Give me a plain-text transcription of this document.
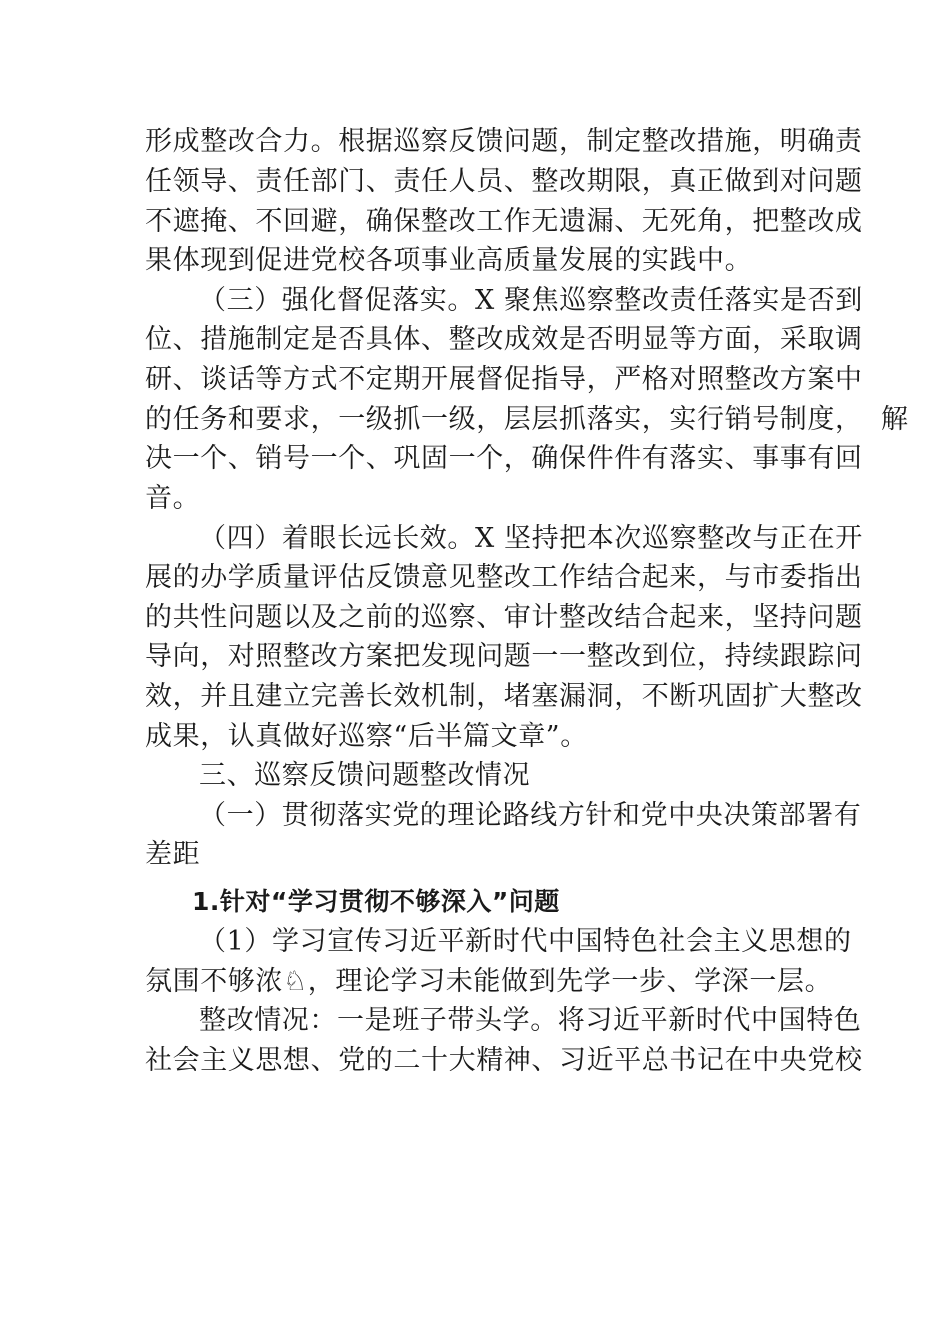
形成整改合力。根据巡察反馈问题，制定整改措施，明确责
任领导、责任部门、责任人员、整改期限，真正做到对问题
不遮掩、不回避，确保整改工作无遗漏、无死角，把整改成
果体现到促进党校各项事业高质量发展的实践中。
（三）强化督促落实。X 聚焦巡察整改责任落实是否到
位、措施制定是否具体、整改成效是否明显等方面，采取调
研、谈话等方式不定期开展督促指导，严格对照整改方案中
的任务和要求，一级抓一级，层层抓落实，实行销号制度，  解
决一个、销号一个、巩固一个，确保件件有落实、事事有回
音。
（四）着眼长远长效。X 坚持把本次巡察整改与正在开
展的办学质量评估反馈意见整改工作结合起来，与市委指出
的共性问题以及之前的巡察、审计整改结合起来，坚持问题
导向，对照整改方案把发现问题一一整改到位，持续跟踪问
效，并且建立完善长效机制，堵塞漏洞，不断巩固扩大整改
成果，认真做好巡察“后半篇文章”。
三、巡察反馈问题整改情况
（一）贯彻落实党的理论路线方针和党中央决策部署有
差距
1.针对“学习贯彻不够深入”问题
（1）学习宣传习近平新时代中国特色社会主义思想的
氛围不够浓♘，理论学习未能做到先学一步、学深一层。
整改情况：一是班子带头学。将习近平新时代中国特色
社会主义思想、党的二十大精神、习近平总书记在中央党校
